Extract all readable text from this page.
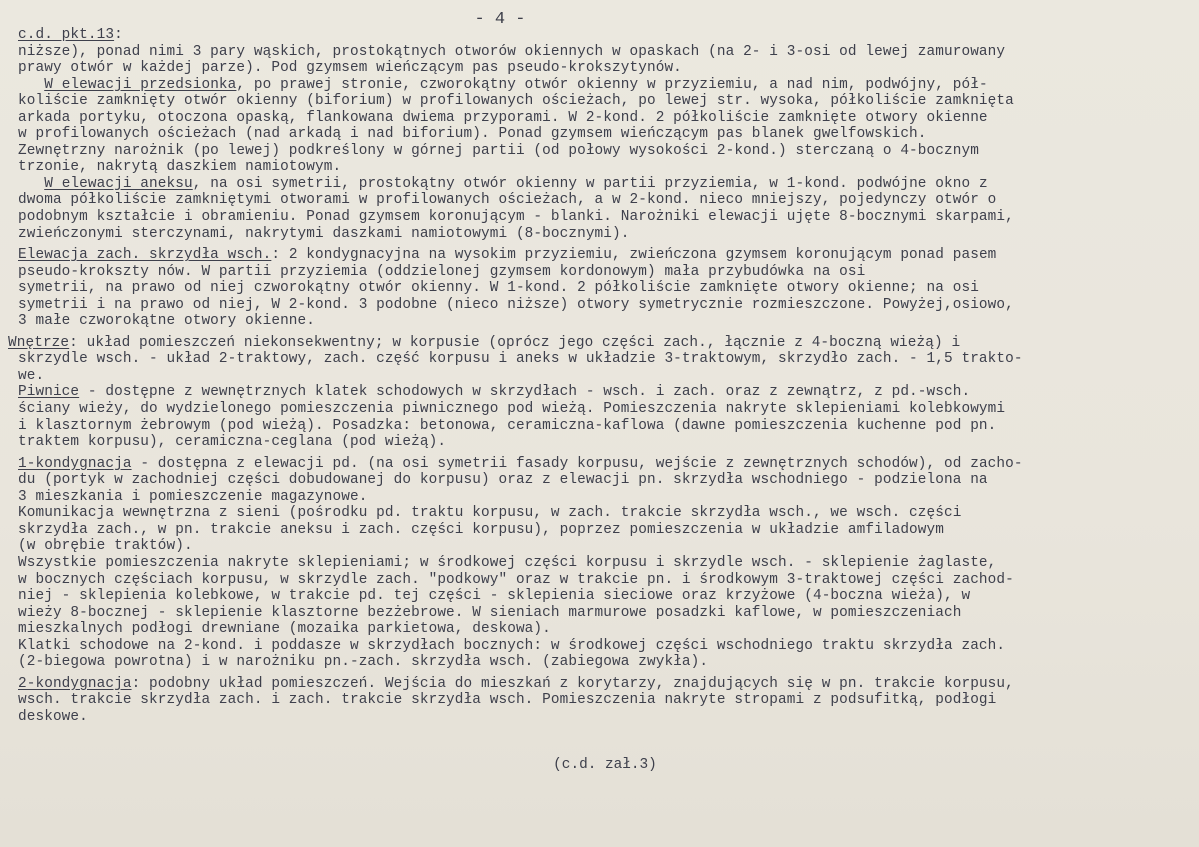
- 4 -
c.d. pkt.13:
niższe), ponad nimi 3 pary wąskich, prostokątnych otworów okiennych w opaskach (na 2- i 3-osi od lewej zamurowany
prawy otwór w każdej parze). Pod gzymsem wieńczącym pas pseudo-krokszytynów.
W elewacji przedsionka, po prawej stronie, czworokątny otwór okienny w przyziemiu, a nad nim, podwójny, pół-
koliście zamknięty otwór okienny (biforium) w profilowanych ościeżach, po lewej str. wysoka, półkoliście zamknięta
arkada portyku, otoczona opaską, flankowana dwiema przyporami. W 2-kond. 2 półkoliście zamknięte otwory okienne
w profilowanych ościeżach (nad arkadą i nad biforium). Ponad gzymsem wieńczącym pas blanek gwelfowskich.
Zewnętrzny narożnik (po lewej) podkreślony w górnej partii (od połowy wysokości 2-kond.) sterczaną o 4-bocznym
trzonie, nakrytą daszkiem namiotowym.
W elewacji aneksu, na osi symetrii, prostokątny otwór okienny w partii przyziemia, w 1-kond. podwójne okno z
dwoma półkoliście zamkniętymi otworami w profilowanych ościeżach, a w 2-kond. nieco mniejszy, pojedynczy otwór o
podobnym kształcie i obramieniu. Ponad gzymsem koronującym - blanki. Narożniki elewacji ujęte 8-bocznymi skarpami,
zwieńczonymi sterczynami, nakrytymi daszkami namiotowymi (8-bocznymi).
Elewacja zach. skrzydła wsch.: 2 kondygnacyjna na wysokim przyziemiu, zwieńczona gzymsem koronującym ponad pasem
pseudo-krokszty nów. W partii przyziemia (oddzielonej gzymsem kordonowym) mała przybudówka na osi
symetrii, na prawo od niej czworokątny otwór okienny. W 1-kond. 2 półkoliście zamknięte otwory okienne; na osi
symetrii i na prawo od niej, W 2-kond. 3 podobne (nieco niższe) otwory symetrycznie rozmieszczone. Powyżej,osiowo,
3 małe czworokątne otwory okienne.
Wnętrze: układ pomieszczeń niekonsekwentny; w korpusie (oprócz jego części zach., łącznie z 4-boczną wieżą) i
skrzydle wsch. - układ 2-traktowy, zach. część korpusu i aneks w układzie 3-traktowym, skrzydło zach. - 1,5 trakto-
we.
Piwnice - dostępne z wewnętrznych klatek schodowych w skrzydłach - wsch. i zach. oraz z zewnątrz, z pd.-wsch.
ściany wieży, do wydzielonego pomieszczenia piwnicznego pod wieżą. Pomieszczenia nakryte sklepieniami kolebkowymi
i klasztornym żebrowym (pod wieżą). Posadzka: betonowa, ceramiczna-kaflowa (dawne pomieszczenia kuchenne pod pn.
traktem korpusu), ceramiczna-ceglana (pod wieżą).
1-kondygnacja - dostępna z elewacji pd. (na osi symetrii fasady korpusu, wejście z zewnętrznych schodów), od zacho-
du (portyk w zachodniej części dobudowanej do korpusu) oraz z elewacji pn. skrzydła wschodniego - podzielona na
3 mieszkania i pomieszczenie magazynowe.
Komunikacja wewnętrzna z sieni (pośrodku pd. traktu korpusu, w zach. trakcie skrzydła wsch., we wsch. części
skrzydła zach., w pn. trakcie aneksu i zach. części korpusu), poprzez pomieszczenia w układzie amfiladowym
(w obrębie traktów).
Wszystkie pomieszczenia nakryte sklepieniami; w środkowej części korpusu i skrzydle wsch. - sklepienie żaglaste,
w bocznych częściach korpusu, w skrzydle zach. "podkowy" oraz w trakcie pn. i środkowym 3-traktowej części zachod-
niej - sklepienia kolebkowe, w trakcie pd. tej części - sklepienia sieciowe oraz krzyżowe (4-boczna wieża), w
wieży 8-bocznej - sklepienie klasztorne bezżebrowe. W sieniach marmurowe posadzki kaflowe, w pomieszczeniach
mieszkalnych podłogi drewniane (mozaika parkietowa, deskowa).
Klatki schodowe na 2-kond. i poddasze w skrzydłach bocznych: w środkowej części wschodniego traktu skrzydła zach.
(2-biegowa powrotna) i w narożniku pn.-zach. skrzydła wsch. (zabiegowa zwykła).
2-kondygnacja: podobny układ pomieszczeń. Wejścia do mieszkań z korytarzy, znajdujących się w pn. trakcie korpusu,
wsch. trakcie skrzydła zach. i zach. trakcie skrzydła wsch. Pomieszczenia nakryte stropami z podsufitką, podłogi
deskowe.
(c.d. zał.3)
